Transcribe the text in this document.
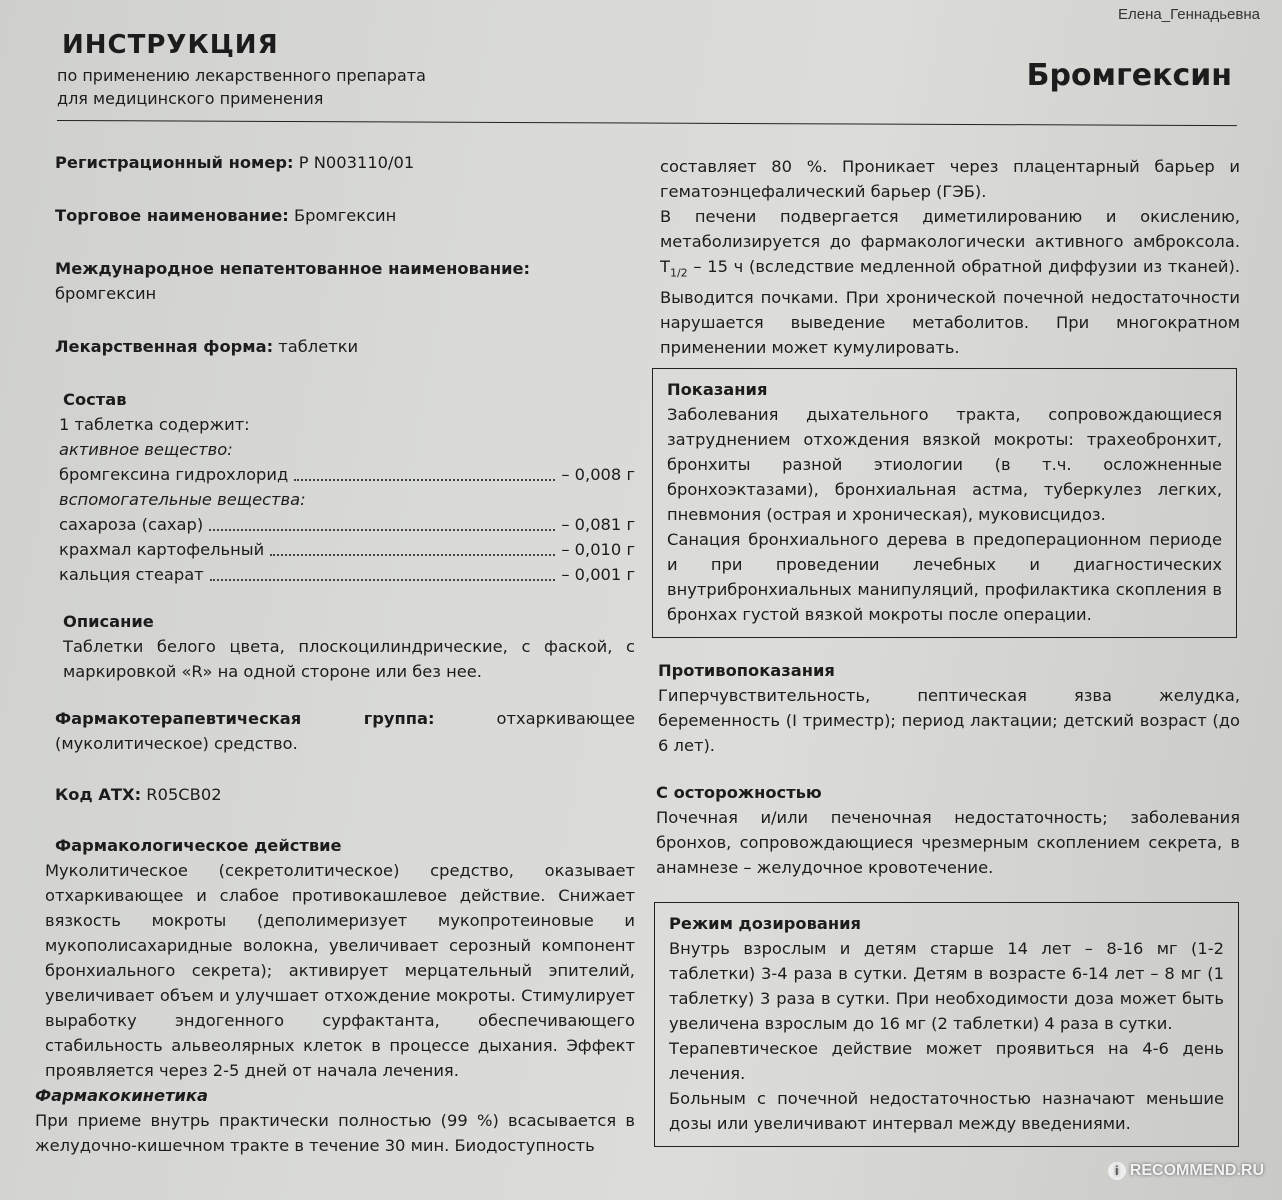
Елена_Геннадьевна
ИНСТРУКЦИЯ
по применению лекарственного препарата
для медицинского применения
Бромгексин
Регистрационный номер: Р N003110/01
Торговое наименование: Бромгексин
Международное непатентованное наименование: бромгексин
Лекарственная форма: таблетки
Состав
1 таблетка содержит:
активное вещество:
бромгексина гидрохлорид	– 0,008 г
вспомогательные вещества:
сахароза (сахар)	– 0,081 г
крахмал картофельный	– 0,010 г
кальция стеарат	– 0,001 г
Описание

Таблетки белого цвета, плоскоцилиндрические, с фаской, с маркировкой «R» на одной стороне или без нее.

Фармакотерапевтическая группа: отхаркивающее (муколитическое) средство.

Код АТХ: R05CB02
Фармакологическое действие

Муколитическое (секретолитическое) средство, оказывает отхаркивающее и слабое противокашлевое действие. Снижает вязкость мокроты (деполимеризует мукопротеиновые и мукополисахаридные волокна, увеличивает серозный компонент бронхиального секрета); активирует мерцательный эпителий, увеличивает объем и улучшает отхождение мокроты. Стимулирует выработку эндогенного сурфактанта, обеспечивающего стабильность альвеолярных клеток в процессе дыхания. Эффект проявляется через 2-5 дней от начала лечения.

Фармакокинетика

При приеме внутрь практически полностью (99 %) всасывается в желудочно-кишечном тракте в течение 30 мин. Биодоступность

составляет 80 %. Проникает через плацентарный барьер и гематоэнцефалический барьер (ГЭБ).

В печени подвергается диметилированию и окислению, метаболизируется до фармакологически активного амброксола. $T_{1/2} - 15$ ч (вследствие медленной обратной диффузии из тканей). Выводится почками. При хронической почечной недостаточности нарушается выведение метаболитов. При многократном применении может кумулировать.

Показания

Заболевания дыхательного тракта, сопровождающиеся затруднением отхождения вязкой мокроты: трахеобронхит, бронхиты разной этиологии (в т.ч. осложненные бронхоэктазами), бронхиальная астма, туберкулез легких, пневмония (острая и хроническая), муковисцидоз.

Санация бронхиального дерева в предоперационном периоде и при проведении лечебных и диагностических внутрибронхиальных манипуляций, профилактика скопления в бронхах густой вязкой мокроты после операции.

Противопоказания

Гиперчувствительность, пептическая язва желудка, беременность (I триместр); период лактации; детский возраст (до 6 лет).

С осторожностью

Почечная и/или печеночная недостаточность; заболевания бронхов, сопровождающиеся чрезмерным скоплением секрета, в анамнезе – желудочное кровотечение.

Режим дозирования

Внутрь взрослым и детям старше 14 лет – 8-16 мг (1-2 таблетки) 3-4 раза в сутки. Детям в возрасте 6-14 лет – 8 мг (1 таблетку) 3 раза в сутки. При необходимости доза может быть увеличена взрослым до 16 мг (2 таблетки) 4 раза в сутки.

Терапевтическое действие может проявиться на 4-6 день лечения.

Больным с почечной недостаточностью назначают меньшие дозы или увеличивают интервал между введениями.

i RECOMMEND.RU
